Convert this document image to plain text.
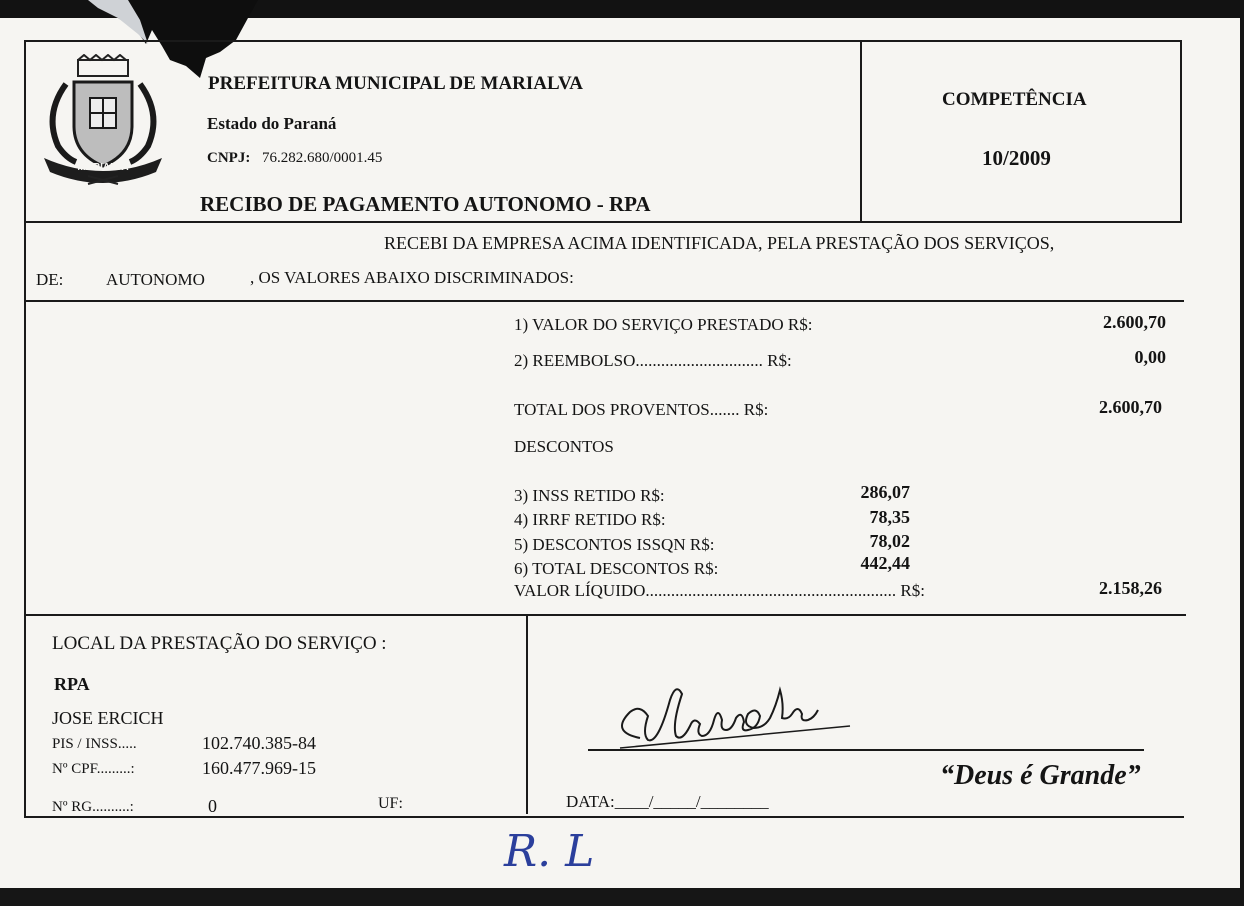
MARIALVA
PREFEITURA MUNICIPAL DE MARIALVA
Estado do Paraná
CNPJ: 76.282.680/0001.45
RECIBO DE PAGAMENTO AUTONOMO - RPA
COMPETÊNCIA
10/2009
RECEBI DA EMPRESA ACIMA IDENTIFICADA, PELA PRESTAÇÃO DOS SERVIÇOS,
DE:	AUTONOMO	, OS VALORES ABAIXO DISCRIMINADOS:
1) VALOR DO SERVIÇO PRESTADO R$:	2.600,70
2) REEMBOLSO.............................. R$:	0,00
TOTAL DOS PROVENTOS....... R$:	2.600,70
DESCONTOS
3) INSS RETIDO R$:	286,07
4) IRRF RETIDO R$:	78,35
5) DESCONTOS ISSQN R$:	78,02
6) TOTAL DESCONTOS R$:	442,44
VALOR LÍQUIDO........................................................... R$:	2.158,26
LOCAL DA PRESTAÇÃO DO SERVIÇO :
RPA
JOSE ERCICH
PIS / INSS.....	102.740.385-84
Nº CPF.........:	160.477.969-15
Nº RG..........:	0	UF:	DATA:____/_____/________
“Deus é Grande”
R. L
